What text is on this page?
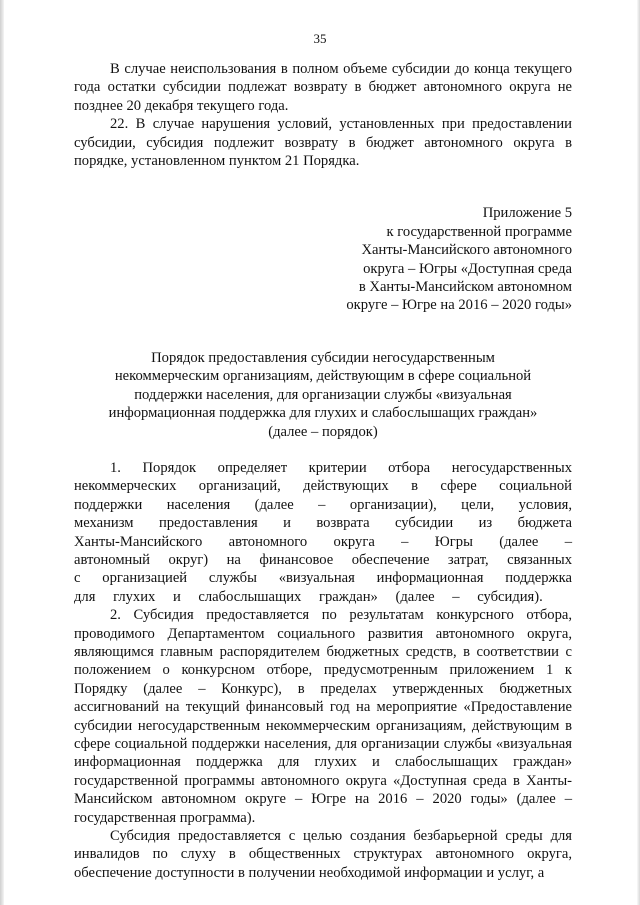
35

В случае неиспользования в полном объеме субсидии до конца текущего года остатки субсидии подлежат возврату в бюджет автономного округа не позднее 20 декабря текущего года.

22. В случае нарушения условий, установленных при предоставлении субсидии, субсидия подлежит возврату в бюджет автономного округа в порядке, установленном пунктом 21 Порядка.

Приложение 5
к государственной программе
Ханты-Мансийского автономного
округа – Югры «Доступная среда
в Ханты-Мансийском автономном
округе – Югре на 2016 – 2020 годы»
Порядок предоставления субсидии негосударственным
некоммерческим организациям, действующим в сфере социальной
поддержки населения, для организации службы «визуальная
информационная поддержка для глухих и слабослышащих граждан»
(далее – порядок)

1. Порядок определяет критерии отбора негосударственных некоммерческих организаций, действующих в сфере социальной поддержки населения (далее – организации), цели, условия, механизм предоставления и возврата субсидии из бюджета Ханты-Мансийского автономного округа – Югры (далее – автономный округ) на финансовое обеспечение затрат, связанных с организацией службы «визуальная информационная поддержка для глухих и слабослышащих граждан» (далее – субсидия).

2. Субсидия предоставляется по результатам конкурсного отбора, проводимого Департаментом социального развития автономного округа, являющимся главным распорядителем бюджетных средств, в соответствии с положением о конкурсном отборе, предусмотренным приложением 1 к Порядку (далее – Конкурс), в пределах утвержденных бюджетных ассигнований на текущий финансовый год на мероприятие «Предоставление субсидии негосударственным некоммерческим организациям, действующим в сфере социальной поддержки населения, для организации службы «визуальная информационная поддержка для глухих и слабослышащих граждан» государственной программы автономного округа «Доступная среда в Ханты-Мансийском автономном округе – Югре на 2016 – 2020 годы» (далее – государственная программа).

Субсидия предоставляется с целью создания безбарьерной среды для инвалидов по слуху в общественных структурах автономного округа, обеспечение доступности в получении необходимой информации и услуг, а
